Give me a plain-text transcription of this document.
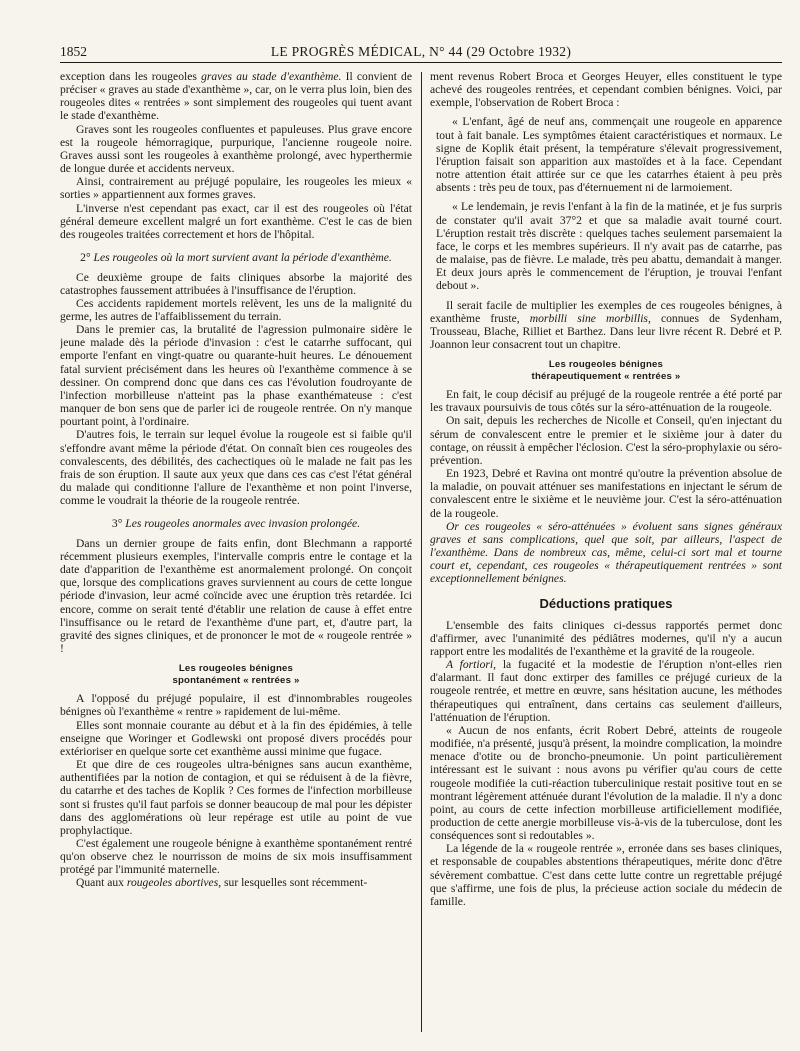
1852	LE PROGRÈS MÉDICAL, N° 44 (29 Octobre 1932)

exception dans les rougeoles graves au stade d'exanthème. Il convient de préciser « graves au stade d'exanthème », car, on le verra plus loin, bien des rougeoles dites « rentrées » sont simplement des rougeoles qui tuent avant le stade d'exanthème.

Graves sont les rougeoles confluentes et papuleuses. Plus grave encore est la rougeole hémorragique, purpurique, l'ancienne rougeole noire. Graves aussi sont les rougeoles à exanthème prolongé, avec hyperthermie de longue durée et accidents nerveux.

Ainsi, contrairement au préjugé populaire, les rougeoles les mieux « sorties » appartiennent aux formes graves.

L'inverse n'est cependant pas exact, car il est des rougeoles où l'état général demeure excellent malgré un fort exanthème. C'est le cas de bien des rougeoles traitées correctement et hors de l'hôpital.

2° Les rougeoles où la mort survient avant la période d'exanthème.

Ce deuxième groupe de faits cliniques absorbe la majorité des catastrophes faussement attribuées à l'insuffisance de l'éruption.

Ces accidents rapidement mortels relèvent, les uns de la malignité du germe, les autres de l'affaiblissement du terrain.

Dans le premier cas, la brutalité de l'agression pulmonaire sidère le jeune malade dès la période d'invasion : c'est le catarrhe suffocant, qui emporte l'enfant en vingt-quatre ou quarante-huit heures. Le dénouement fatal survient précisément dans les heures où l'exanthème commence à se dessiner. On comprend donc que dans ces cas l'évolution foudroyante de l'infection morbilleuse n'atteint pas la phase exanthémateuse : c'est manquer de bon sens que de parler ici de rougeole rentrée. On n'y manque pourtant point, à l'ordinaire.

D'autres fois, le terrain sur lequel évolue la rougeole est si faible qu'il s'effondre avant même la période d'état. On connaît bien ces rougeoles des convalescents, des débilités, des cachectiques où le malade ne fait pas les frais de son éruption. Il saute aux yeux que dans ces cas c'est l'état général du malade qui conditionne l'allure de l'exanthème et non point l'inverse, comme le voudrait la théorie de la rougeole rentrée.

3° Les rougeoles anormales avec invasion prolongée.

Dans un dernier groupe de faits enfin, dont Blechmann a rapporté récemment plusieurs exemples, l'intervalle compris entre le contage et la date d'apparition de l'exanthème est anormalement prolongé. On conçoit que, lorsque des complications graves surviennent au cours de cette longue période d'invasion, leur acmé coïncide avec une éruption très retardée. Ici encore, comme on serait tenté d'établir une relation de cause à effet entre l'insuffisance ou le retard de l'exanthème d'une part, et, d'autre part, la gravité des signes cliniques, et de prononcer le mot de « rougeole rentrée » !

Les rougeoles bénignes
spontanément « rentrées »

A l'opposé du préjugé populaire, il est d'innombrables rougeoles bénignes où l'exanthème « rentre » rapidement de lui-même.

Elles sont monnaie courante au début et à la fin des épidémies, à telle enseigne que Woringer et Godlewski ont proposé divers procédés pour extérioriser en quelque sorte cet exanthème aussi minime que fugace.

Et que dire de ces rougeoles ultra-bénignes sans aucun exanthème, authentifiées par la notion de contagion, et qui se réduisent à de la fièvre, du catarrhe et des taches de Koplik ? Ces formes de l'infection morbilleuse sont si frustes qu'il faut parfois se donner beaucoup de mal pour les dépister dans des agglomérations où leur repérage est utile au point de vue prophylactique.

C'est également une rougeole bénigne à exanthème spontanément rentré qu'on observe chez le nourrisson de moins de six mois insuffisamment protégé par l'immunité maternelle.

Quant aux rougeoles abortives, sur lesquelles sont récemment-

ment revenus Robert Broca et Georges Heuyer, elles constituent le type achevé des rougeoles rentrées, et cependant combien bénignes. Voici, par exemple, l'observation de Robert Broca :

« L'enfant, âgé de neuf ans, commençait une rougeole en apparence tout à fait banale. Les symptômes étaient caractéristiques et normaux. Le signe de Koplik était présent, la température s'élevait progressivement, l'éruption faisait son apparition aux mastoïdes et à la face. Cependant notre attention était attirée sur ce que les catarrhes étaient à peu près absents : très peu de toux, pas d'éternuement ni de larmoiement.

« Le lendemain, je revis l'enfant à la fin de la matinée, et je fus surpris de constater qu'il avait 37°2 et que sa maladie avait tourné court. L'éruption restait très discrète : quelques taches seulement parsemaient la face, le corps et les membres supérieurs. Il n'y avait pas de catarrhe, pas de malaise, pas de fièvre. Le malade, très peu abattu, demandait à manger. Et deux jours après le commencement de l'éruption, je trouvai l'enfant debout ».

Il serait facile de multiplier les exemples de ces rougeoles bénignes, à exanthème fruste, morbilli sine morbillis, connues de Sydenham, Trousseau, Blache, Rilliet et Barthez. Dans leur livre récent R. Debré et P. Joannon leur consacrent tout un chapitre.

Les rougeoles bénignes
thérapeutiquement « rentrées »

En fait, le coup décisif au préjugé de la rougeole rentrée a été porté par les travaux poursuivis de tous côtés sur la séro-atténuation de la rougeole.

On sait, depuis les recherches de Nicolle et Conseil, qu'en injectant du sérum de convalescent entre le premier et le sixième jour à dater du contage, on réussit à empêcher l'éclosion. C'est la séro-prophylaxie ou séro-prévention.

En 1923, Debré et Ravina ont montré qu'outre la prévention absolue de la maladie, on pouvait atténuer ses manifestations en injectant le sérum de convalescent entre le sixième et le neuvième jour. C'est la séro-atténuation de la rougeole.

Or ces rougeoles « séro-atténuées » évoluent sans signes généraux graves et sans complications, quel que soit, par ailleurs, l'aspect de l'exanthème. Dans de nombreux cas, même, celui-ci sort mal et tourne court et, cependant, ces rougeoles « thérapeutiquement rentrées » sont exceptionnellement bénignes.

Déductions pratiques

L'ensemble des faits cliniques ci-dessus rapportés permet donc d'affirmer, avec l'unanimité des pédiâtres modernes, qu'il n'y a aucun rapport entre les modalités de l'exanthème et la gravité de la rougeole.

A fortiori, la fugacité et la modestie de l'éruption n'ont-elles rien d'alarmant. Il faut donc extirper des familles ce préjugé curieux de la rougeole rentrée, et mettre en œuvre, sans hésitation aucune, les méthodes thérapeutiques qui entraînent, dans certains cas seulement d'ailleurs, l'atténuation de l'éruption.

« Aucun de nos enfants, écrit Robert Debré, atteints de rougeole modifiée, n'a présenté, jusqu'à présent, la moindre complication, la moindre menace d'otite ou de broncho-pneumonie. Un point particulièrement intéressant est le suivant : nous avons pu vérifier qu'au cours de cette rougeole modifiée la cuti-réaction tuberculinique restait positive tout en se montrant légèrement atténuée durant l'évolution de la maladie. Il n'y a donc point, au cours de cette infection morbilleuse artificiellement modifiée, production de cette anergie morbilleuse vis-à-vis de la tuberculose, dont les conséquences sont si redoutables ».

La légende de la « rougeole rentrée », erronée dans ses bases cliniques, et responsable de coupables abstentions thérapeutiques, mérite donc d'être sévèrement combattue. C'est dans cette lutte contre un regrettable préjugé que s'affirme, une fois de plus, la précieuse action sociale du médecin de famille.
